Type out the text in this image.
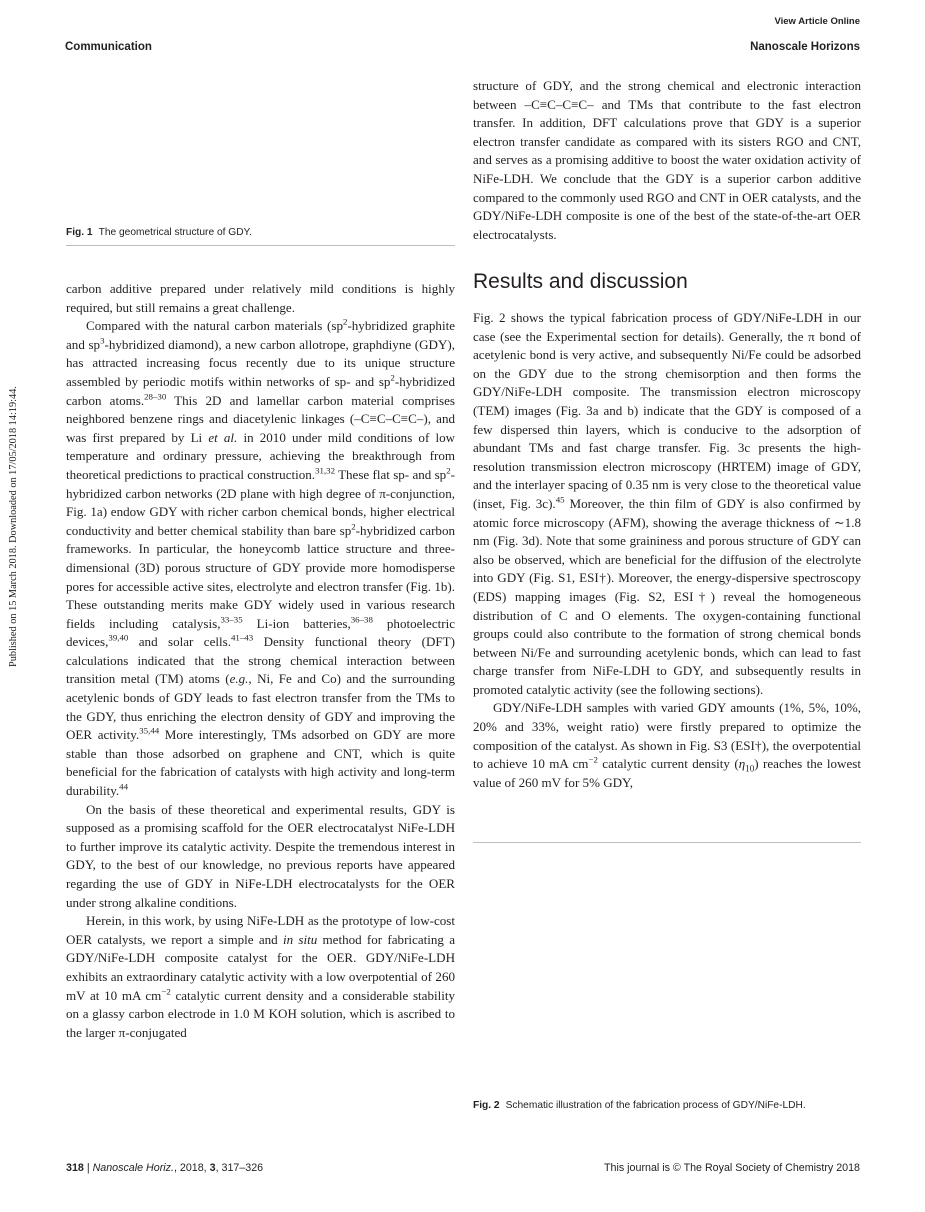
View Article Online
Communication	Nanoscale Horizons
Published on 15 March 2018. Downloaded on 17/05/2018 14:19:44.
Fig. 1 The geometrical structure of GDY.

carbon additive prepared under relatively mild conditions is highly required, but still remains a great challenge.

Compared with the natural carbon materials ($sp^2$-hybridized graphite and $sp^3$-hybridized diamond), a new carbon allotrope, graphdiyne (GDY), has attracted increasing focus recently due to its unique structure assembled by periodic motifs within networks of sp- and $sp^2$-hybridized carbon atoms.$^{28-30}$ This 2D and lamellar carbon material comprises neighbored benzene rings and diacetylenic linkages (–C≡C–C≡C–), and was first prepared by Li et al. in 2010 under mild conditions of low temperature and ordinary pressure, achieving the breakthrough from theoretical predictions to practical construction.$^{31,32}$ These flat sp- and $sp^2$-hybridized carbon networks (2D plane with high degree of π-conjunction, Fig. 1a) endow GDY with richer carbon chemical bonds, higher electrical conductivity and better chemical stability than bare $sp^2$-hybridized carbon frameworks. In particular, the honeycomb lattice structure and three-dimensional (3D) porous structure of GDY provide more homodisperse pores for accessible active sites, electrolyte and electron transfer (Fig. 1b). These outstanding merits make GDY widely used in various research fields including catalysis,$^{33-35}$ Li-ion batteries,$^{36-38}$ photoelectric devices,$^{39,40}$ and solar cells.$^{41-43}$ Density functional theory (DFT) calculations indicated that the strong chemical interaction between transition metal (TM) atoms (e.g., Ni, Fe and Co) and the surrounding acetylenic bonds of GDY leads to fast electron transfer from the TMs to the GDY, thus enriching the electron density of GDY and improving the OER activity.$^{35,44}$ More interestingly, TMs adsorbed on GDY are more stable than those adsorbed on graphene and CNT, which is quite beneficial for the fabrication of catalysts with high activity and long-term durability.$^{44}$

On the basis of these theoretical and experimental results, GDY is supposed as a promising scaffold for the OER electrocatalyst NiFe-LDH to further improve its catalytic activity. Despite the tremendous interest in GDY, to the best of our knowledge, no previous reports have appeared regarding the use of GDY in NiFe-LDH electrocatalysts for the OER under strong alkaline conditions.

Herein, in this work, by using NiFe-LDH as the prototype of low-cost OER catalysts, we report a simple and in situ method for fabricating a GDY/NiFe-LDH composite catalyst for the OER. GDY/NiFe-LDH exhibits an extraordinary catalytic activity with a low overpotential of 260 mV at 10 mA $cm^{-2}$ catalytic current density and a considerable stability on a glassy carbon electrode in 1.0 M KOH solution, which is ascribed to the larger π-conjugated

structure of GDY, and the strong chemical and electronic interaction between –C≡C–C≡C– and TMs that contribute to the fast electron transfer. In addition, DFT calculations prove that GDY is a superior electron transfer candidate as compared with its sisters RGO and CNT, and serves as a promising additive to boost the water oxidation activity of NiFe-LDH. We conclude that the GDY is a superior carbon additive compared to the commonly used RGO and CNT in OER catalysts, and the GDY/NiFe-LDH composite is one of the best of the state-of-the-art OER electrocatalysts.

Results and discussion

Fig. 2 shows the typical fabrication process of GDY/NiFe-LDH in our case (see the Experimental section for details). Generally, the π bond of acetylenic bond is very active, and subsequently Ni/Fe could be adsorbed on the GDY due to the strong chemisorption and then forms the GDY/NiFe-LDH composite. The transmission electron microscopy (TEM) images (Fig. 3a and b) indicate that the GDY is composed of a few dispersed thin layers, which is conducive to the adsorption of abundant TMs and fast charge transfer. Fig. 3c presents the high-resolution transmission electron microscopy (HRTEM) image of GDY, and the interlayer spacing of 0.35 nm is very close to the theoretical value (inset, Fig. 3c).$^{45}$ Moreover, the thin film of GDY is also confirmed by atomic force microscopy (AFM), showing the average thickness of ∼1.8 nm (Fig. 3d). Note that some graininess and porous structure of GDY can also be observed, which are beneficial for the diffusion of the electrolyte into GDY (Fig. S1, ESI†). Moreover, the energy-dispersive spectroscopy (EDS) mapping images (Fig. S2, ESI†) reveal the homogeneous distribution of C and O elements. The oxygen-containing functional groups could also contribute to the formation of strong chemical bonds between Ni/Fe and surrounding acetylenic bonds, which can lead to fast charge transfer from NiFe-LDH to GDY, and subsequently results in promoted catalytic activity (see the following sections).

GDY/NiFe-LDH samples with varied GDY amounts (1%, 5%, 10%, 20% and 33%, weight ratio) were firstly prepared to optimize the composition of the catalyst. As shown in Fig. S3 (ESI†), the overpotential to achieve 10 mA $cm^{-2}$ catalytic current density $(\eta_{10})$ reaches the lowest value of 260 mV for 5% GDY,

Fig. 2 Schematic illustration of the fabrication process of GDY/NiFe-LDH.
318 | Nanoscale Horiz., 2018, 3, 317–326	This journal is © The Royal Society of Chemistry 2018
